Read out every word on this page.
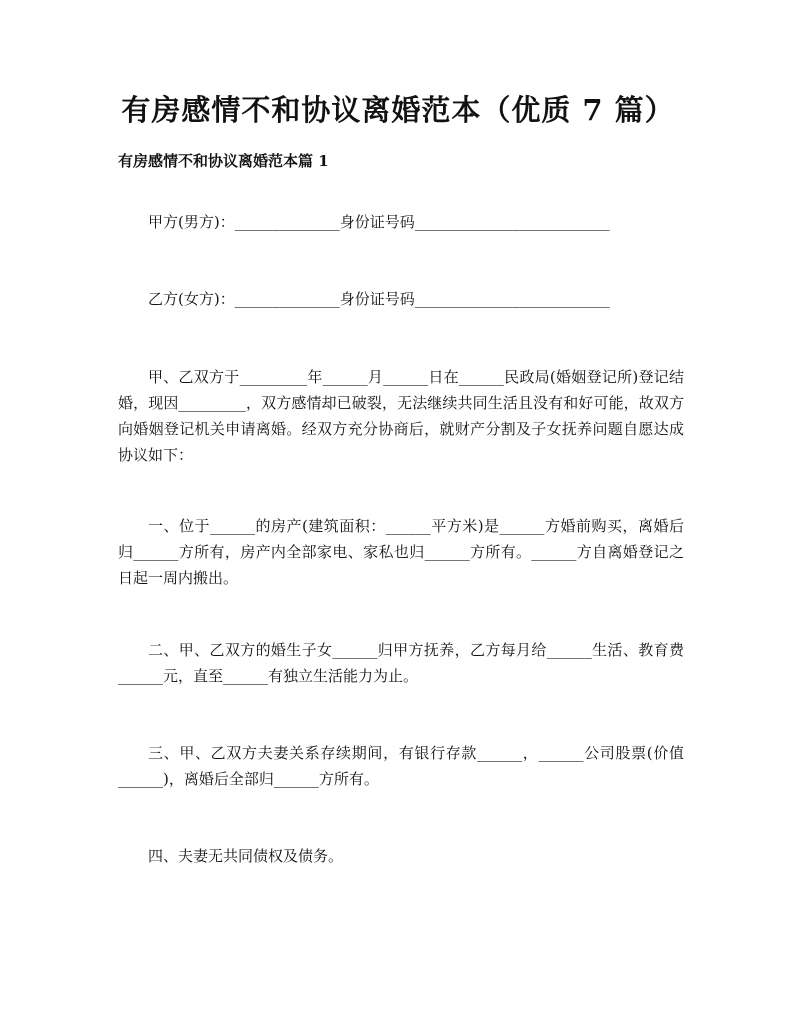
有房感情不和协议离婚范本（优质 7 篇）
有房感情不和协议离婚范本篇 1
甲方(男方)：______________身份证号码__________________________
乙方(女方)：______________身份证号码__________________________
甲、乙双方于_________年______月______日在______民政局(婚姻登记所)登记结婚，现因_________，双方感情却已破裂，无法继续共同生活且没有和好可能，故双方向婚姻登记机关申请离婚。经双方充分协商后，就财产分割及子女抚养问题自愿达成协议如下：
一、位于______的房产(建筑面积：______平方米)是______方婚前购买，离婚后归______方所有，房产内全部家电、家私也归______方所有。______方自离婚登记之日起一周内搬出。
二、甲、乙双方的婚生子女______归甲方抚养，乙方每月给______生活、教育费______元，直至______有独立生活能力为止。
三、甲、乙双方夫妻关系存续期间，有银行存款______，______公司股票(价值______)，离婚后全部归______方所有。
四、夫妻无共同债权及债务。
